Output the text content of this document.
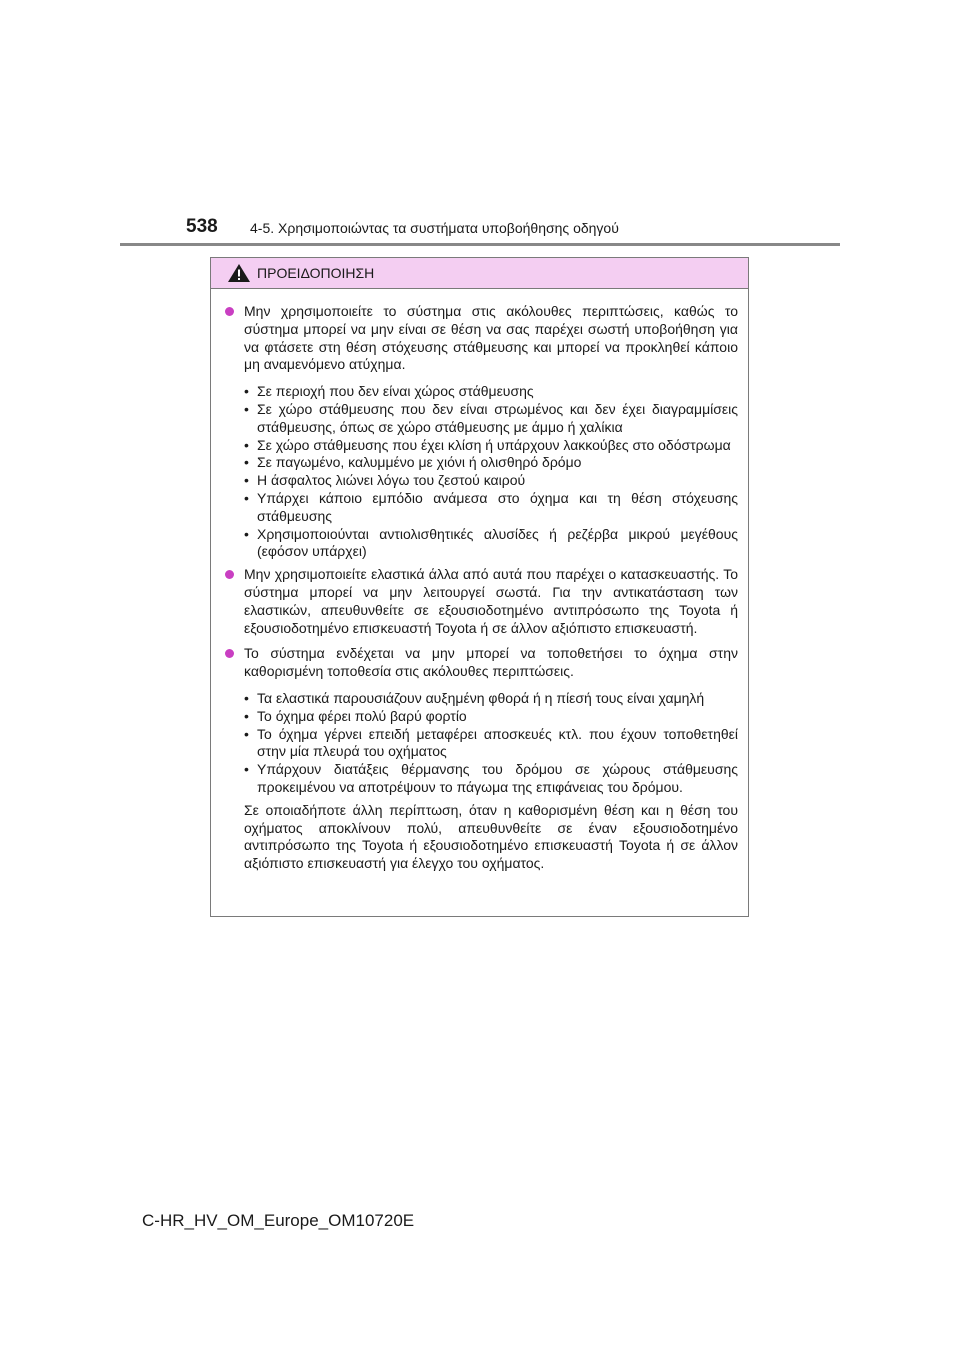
538 4-5. Χρησιμοποιώντας τα συστήματα υποβοήθησης οδηγού
ΠΡΟΕΙΔΟΠΟΙΗΣΗ
Μην χρησιμοποιείτε το σύστημα στις ακόλουθες περιπτώσεις, καθώς το σύστημα μπορεί να μην είναι σε θέση να σας παρέχει σωστή υποβοήθηση για να φτάσετε στη θέση στόχευσης στάθμευσης και μπορεί να προκληθεί κάποιο μη αναμενόμενο ατύχημα.
• Σε περιοχή που δεν είναι χώρος στάθμευσης
• Σε χώρο στάθμευσης που δεν είναι στρωμένος και δεν έχει διαγραμμίσεις στάθμευσης, όπως σε χώρο στάθμευσης με άμμο ή χαλίκια
• Σε χώρο στάθμευσης που έχει κλίση ή υπάρχουν λακκούβες στο οδόστρωμα
• Σε παγωμένο, καλυμμένο με χιόνι ή ολισθηρό δρόμο
• Η άσφαλτος λιώνει λόγω του ζεστού καιρού
• Υπάρχει κάποιο εμπόδιο ανάμεσα στο όχημα και τη θέση στόχευσης στάθμευσης
• Χρησιμοποιούνται αντιολισθητικές αλυσίδες ή ρεζέρβα μικρού μεγέθους (εφόσον υπάρχει)
Μην χρησιμοποιείτε ελαστικά άλλα από αυτά που παρέχει ο κατασκευαστής. Το σύστημα μπορεί να μην λειτουργεί σωστά. Για την αντικατάσταση των ελαστικών, απευθυνθείτε σε εξουσιοδοτημένο αντιπρόσωπο της Toyota ή εξουσιοδοτημένο επισκευαστή Toyota ή σε άλλον αξιόπιστο επισκευαστή.
Το σύστημα ενδέχεται να μην μπορεί να τοποθετήσει το όχημα στην καθορισμένη τοποθεσία στις ακόλουθες περιπτώσεις.
• Τα ελαστικά παρουσιάζουν αυξημένη φθορά ή η πίεσή τους είναι χαμηλή
• Το όχημα φέρει πολύ βαρύ φορτίο
• Το όχημα γέρνει επειδή μεταφέρει αποσκευές κτλ. που έχουν τοποθετηθεί στην μία πλευρά του οχήματος
• Υπάρχουν διατάξεις θέρμανσης του δρόμου σε χώρους στάθμευσης προκειμένου να αποτρέψουν το πάγωμα της επιφάνειας του δρόμου.
Σε οποιαδήποτε άλλη περίπτωση, όταν η καθορισμένη θέση και η θέση του οχήματος αποκλίνουν πολύ, απευθυνθείτε σε έναν εξουσιοδοτημένο αντιπρόσωπο της Toyota ή εξουσιοδοτημένο επισκευαστή Toyota ή σε άλλον αξιόπιστο επισκευαστή για έλεγχο του οχήματος.
C-HR_HV_OM_Europe_OM10720E
